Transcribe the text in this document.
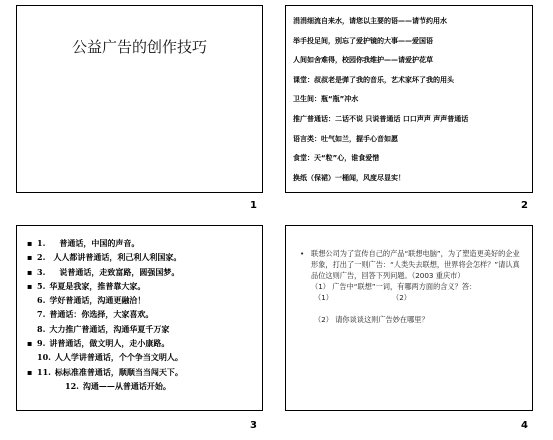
公益广告的创作技巧
1
涓涓细流自来水，请您以主要的语——请节约用水
举手投足间，别忘了爱护镜的大事——爱国语
人间如舍难得，校园你我维护——请爱护花草
课堂：叔叔老是弹了我的音乐，艺术家坏了我的用头
卫生间：瓶“瓶”冲水
推广普通话：二话不说 只说普通话 口口声声 声声普通话
语言类：吐气如兰，握手心音如愿
食堂：天“粒”心，谁食爱惜
换纸（保裙）一桶闻，风度尽显实！
2
▪ 1. 普通话，中国的声音。
▪ 2. 人人都讲普通话，利己利人利国家。
▪ 3. 说普通话，走致富路，圆强国梦。
▪ 5. 华夏是我家，推普靠大家。
6. 学好普通话，沟通更融洽！
7. 普通话：你选择，大家喜欢。
8. 大力推广普通话，沟通华夏千万家
▪ 9. 讲普通话，做文明人，走小康路。
10. 人人学讲普通话，个个争当文明人。
▪ 11. 标标准准普通话，顺顺当当闯天下。
12. 沟通——从普通话开始。
3
• 联想公司为了宣传自己的产品“联想电脑”，为了塑造更美好的企业形象，打出了一则广告：“人类失去联想，世界将会怎样？”请认真品位这则广告，回答下列问题。（2003 重庆市）
（1） 广告中“联想”一词，有哪两方面的含义？答：
（1）	（2）
（2） 请你谈谈这则广告妙在哪里？
4
